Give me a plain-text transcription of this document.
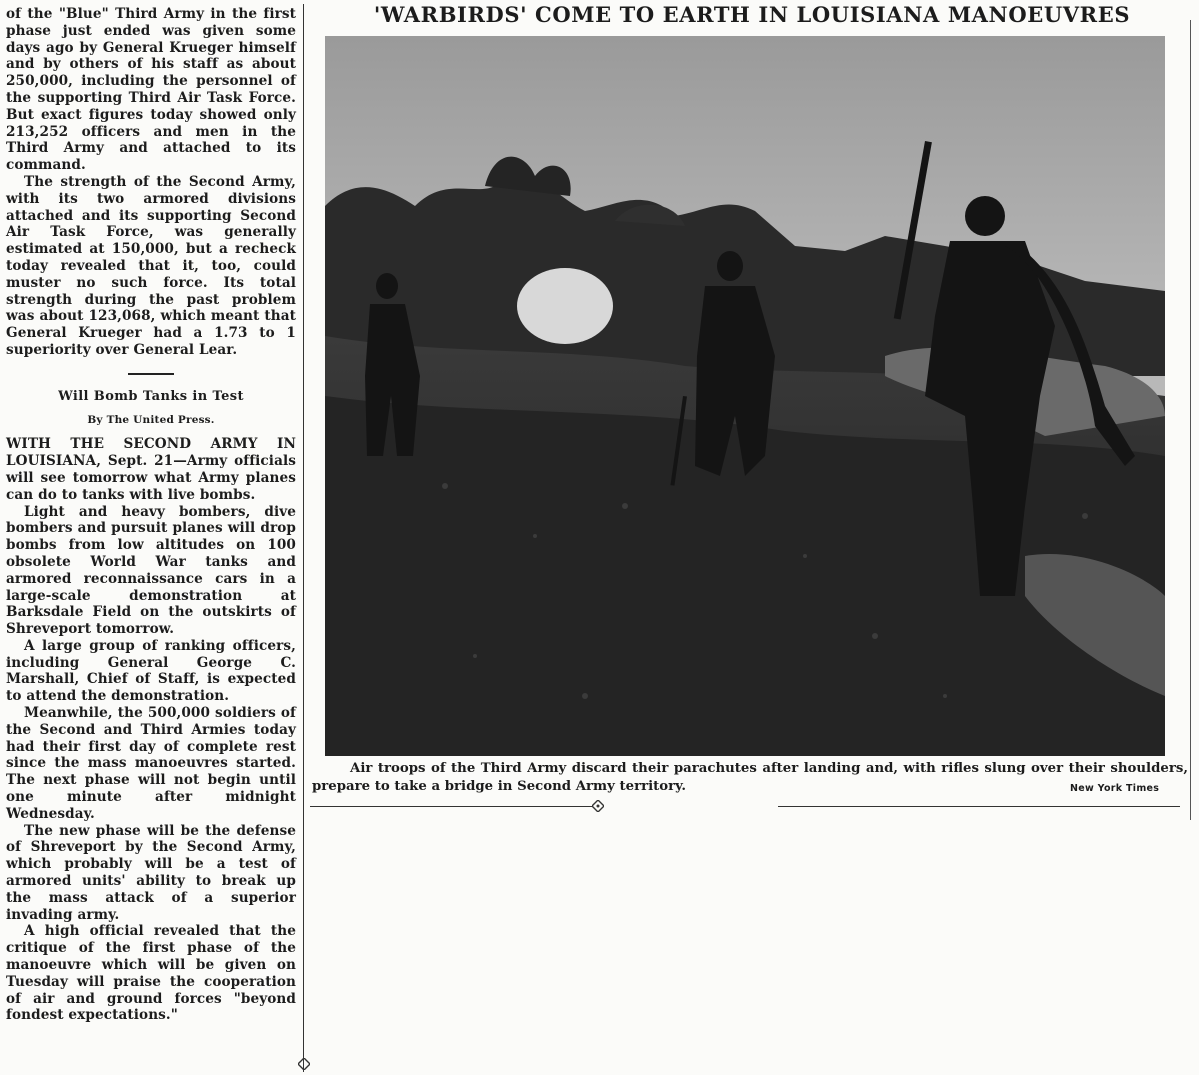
of the "Blue" Third Army in the first phase just ended was given some days ago by General Krueger himself and by others of his staff as about 250,000, including the personnel of the supporting Third Air Task Force. But exact figures today showed only 213,252 officers and men in the Third Army and attached to its command.

The strength of the Second Army, with its two armored divisions attached and its supporting Second Air Task Force, was generally estimated at 150,000, but a recheck today revealed that it, too, could muster no such force. Its total strength during the past problem was about 123,068, which meant that General Krueger had a 1.73 to 1 superiority over General Lear.

Will Bomb Tanks in Test
By The United Press.

WITH THE SECOND ARMY IN LOUISIANA, Sept. 21—Army officials will see tomorrow what Army planes can do to tanks with live bombs.

Light and heavy bombers, dive bombers and pursuit planes will drop bombs from low altitudes on 100 obsolete World War tanks and armored reconnaissance cars in a large-scale demonstration at Barksdale Field on the outskirts of Shreveport tomorrow.

A large group of ranking officers, including General George C. Marshall, Chief of Staff, is expected to attend the demonstration.

Meanwhile, the 500,000 soldiers of the Second and Third Armies today had their first day of complete rest since the mass manoeuvres started. The next phase will not begin until one minute after midnight Wednesday.

The new phase will be the defense of Shreveport by the Second Army, which probably will be a test of armored units' ability to break up the mass attack of a superior invading army.

A high official revealed that the critique of the first phase of the manoeuvre which will be given on Tuesday will praise the cooperation of air and ground forces "beyond fondest expectations."

'WARBIRDS' COME TO EARTH IN LOUISIANA MANOEUVRES
Air troops of the Third Army discard their parachutes after landing and, with rifles slung over their shoulders, prepare to take a bridge in Second Army territory.	New York Times
